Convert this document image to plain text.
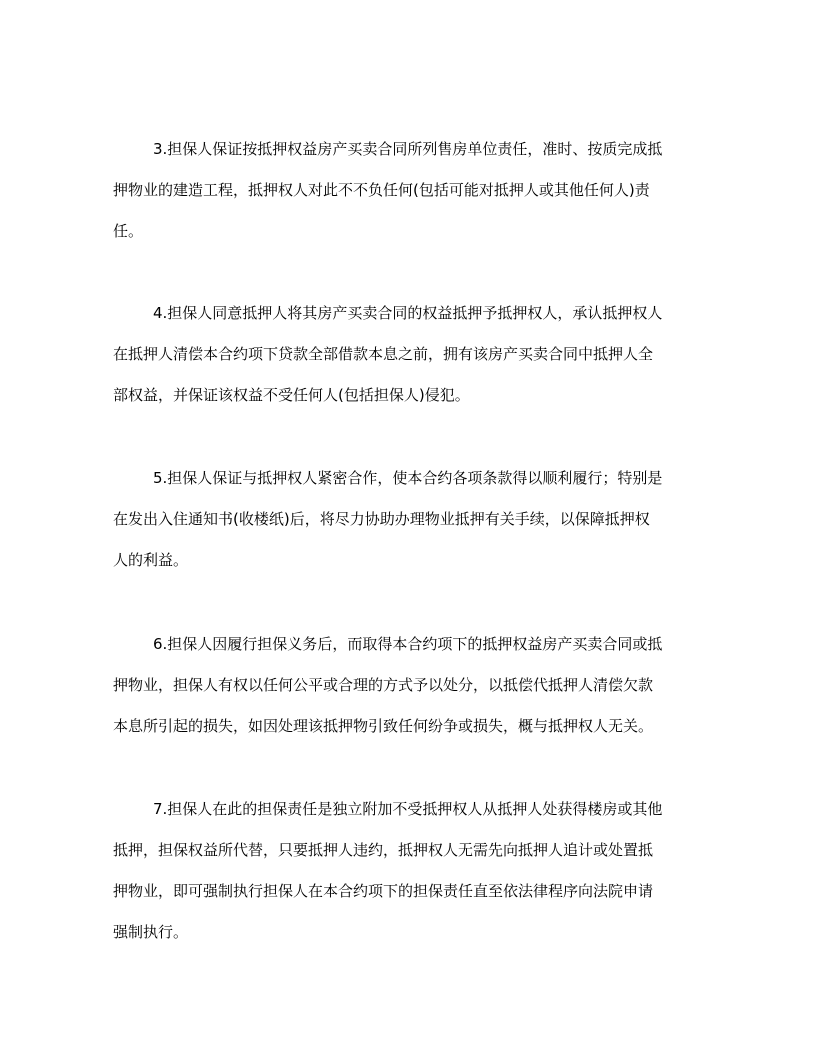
3.担保人保证按抵押权益房产买卖合同所列售房单位责任，准时、按质完成抵
押物业的建造工程，抵押权人对此不不负任何(包括可能对抵押人或其他任何人)责
任。

4.担保人同意抵押人将其房产买卖合同的权益抵押予抵押权人，承认抵押权人
在抵押人清偿本合约项下贷款全部借款本息之前，拥有该房产买卖合同中抵押人全
部权益，并保证该权益不受任何人(包括担保人)侵犯。

5.担保人保证与抵押权人紧密合作，使本合约各项条款得以顺利履行；特别是
在发出入住通知书(收楼纸)后，将尽力协助办理物业抵押有关手续，以保障抵押权
人的利益。

6.担保人因履行担保义务后，而取得本合约项下的抵押权益房产买卖合同或抵
押物业，担保人有权以任何公平或合理的方式予以处分，以抵偿代抵押人清偿欠款
本息所引起的损失，如因处理该抵押物引致任何纷争或损失，概与抵押权人无关。

7.担保人在此的担保责任是独立附加不受抵押权人从抵押人处获得楼房或其他
抵押，担保权益所代替，只要抵押人违约，抵押权人无需先向抵押人追计或处置抵
押物业，即可强制执行担保人在本合约项下的担保责任直至依法律程序向法院申请
强制执行。
